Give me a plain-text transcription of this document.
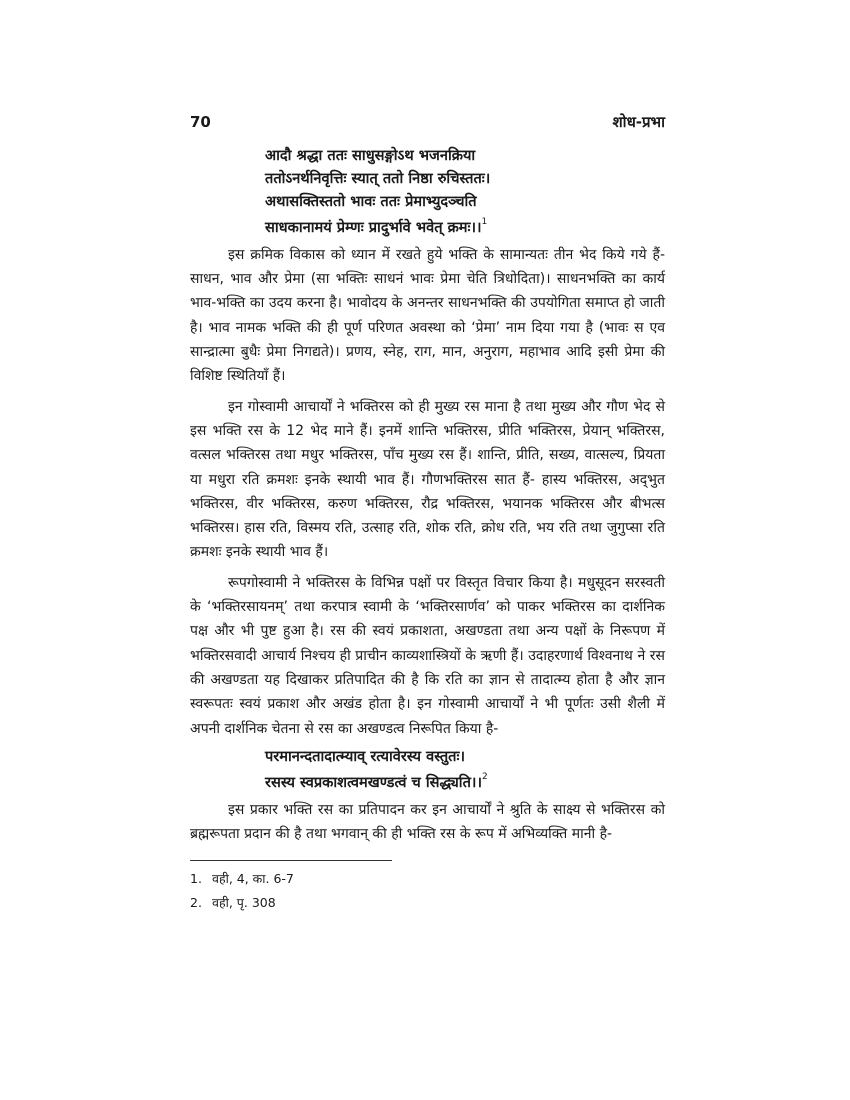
70	शोध-प्रभा
आदौ श्रद्धा ततः साधुसङ्गोऽथ भजनक्रिया
ततोऽनर्थनिवृत्तिः स्यात् ततो निष्ठा रुचिस्ततः।
अथासक्तिस्ततो भावः ततः प्रेमाभ्युदञ्चति
साधकानामयं प्रेम्णः प्रादुर्भावे भवेत् क्रमः।।$^1$

इस क्रमिक विकास को ध्यान में रखते हुये भक्ति के सामान्यतः तीन भेद किये गये हैं- साधन, भाव और प्रेमा (सा भक्तिः साधनं भावः प्रेमा चेति त्रिधोदिता)। साधनभक्ति का कार्य भाव-भक्ति का उदय करना है। भावोदय के अनन्तर साधनभक्ति की उपयोगिता समाप्त हो जाती है। भाव नामक भक्ति की ही पूर्ण परिणत अवस्था को ‘प्रेमा’ नाम दिया गया है (भावः स एव सान्द्रात्मा बुधैः प्रेमा निगद्यते)। प्रणय, स्नेह, राग, मान, अनुराग, महाभाव आदि इसी प्रेमा की विशिष्ट स्थितियाँ हैं।

इन गोस्वामी आचार्यों ने भक्तिरस को ही मुख्य रस माना है तथा मुख्य और गौण भेद से इस भक्ति रस के 12 भेद माने हैं। इनमें शान्ति भक्तिरस, प्रीति भक्तिरस, प्रेयान् भक्तिरस, वत्सल भक्तिरस तथा मधुर भक्तिरस, पाँच मुख्य रस हैं। शान्ति, प्रीति, सख्य, वात्सल्य, प्रियता या मधुरा रति क्रमशः इनके स्थायी भाव हैं। गौणभक्तिरस सात हैं- हास्य भक्तिरस, अद्‌भुत भक्तिरस, वीर भक्तिरस, करुण भक्तिरस, रौद्र भक्तिरस, भयानक भक्तिरस और बीभत्स भक्तिरस। हास रति, विस्मय रति, उत्साह रति, शोक रति, क्रोध रति, भय रति तथा जुगुप्सा रति क्रमशः इनके स्थायी भाव हैं।

रूपगोस्वामी ने भक्तिरस के विभिन्न पक्षों पर विस्तृत विचार किया है। मधुसूदन सरस्वती के ‘भक्तिरसायनम्’ तथा करपात्र स्वामी के ‘भक्तिरसार्णव’ को पाकर भक्तिरस का दार्शनिक पक्ष और भी पुष्ट हुआ है। रस की स्वयं प्रकाशता, अखण्डता तथा अन्य पक्षों के निरूपण में भक्तिरसवादी आचार्य निश्चय ही प्राचीन काव्यशास्त्रियों के ऋणी हैं। उदाहरणार्थ विश्वनाथ ने रस की अखण्डता यह दिखाकर प्रतिपादित की है कि रति का ज्ञान से तादात्म्य होता है और ज्ञान स्वरूपतः स्वयं प्रकाश और अखंड होता है। इन गोस्वामी आचार्यों ने भी पूर्णतः उसी शैली में अपनी दार्शनिक चेतना से रस का अखण्डत्व निरूपित किया है-

परमानन्दतादात्म्याव् रत्यावेरस्य वस्तुतः।
रसस्य स्वप्रकाशत्वमखण्डत्वं च सिद्ध्यति।।$^2$

इस प्रकार भक्ति रस का प्रतिपादन कर इन आचार्यों ने श्रुति के साक्ष्य से भक्तिरस को ब्रह्मरूपता प्रदान की है तथा भगवान् की ही भक्ति रस के रूप में अभिव्यक्ति मानी है-

1. वही, 4, का. 6-7
2. वही, पृ. 308
